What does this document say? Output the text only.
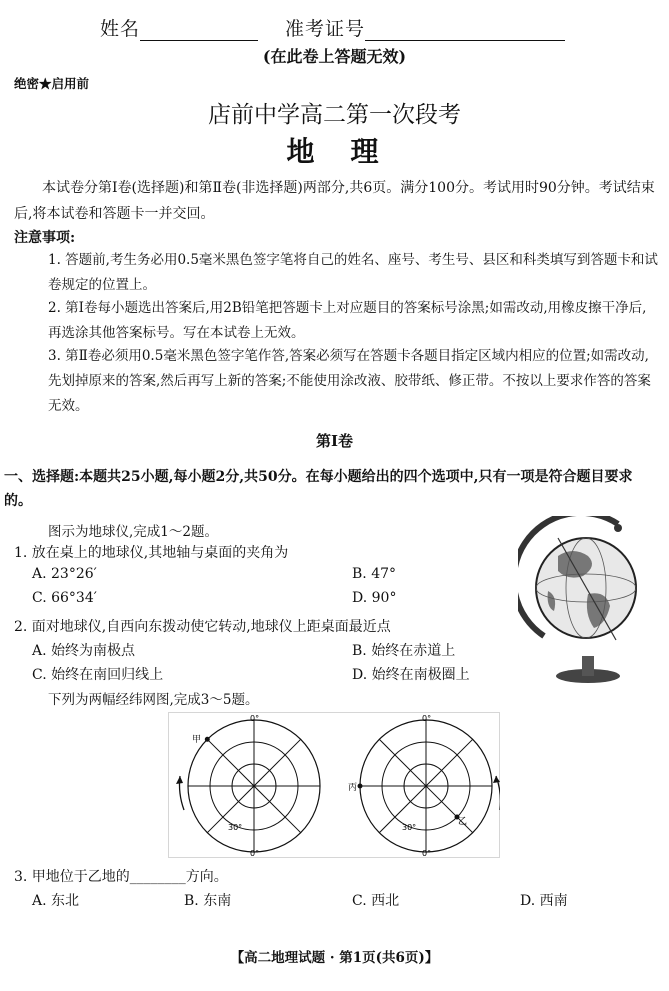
姓名	准考证号
(在此卷上答题无效)
绝密★启用前
店前中学高二第一次段考
地　理
本试卷分第Ⅰ卷(选择题)和第Ⅱ卷(非选择题)两部分,共6页。满分100分。考试用时90分钟。考试结束后,将本试卷和答题卡一并交回。
注意事项:
1. 答题前,考生务必用0.5毫米黑色签字笔将自己的姓名、座号、考生号、县区和科类填写到答题卡和试卷规定的位置上。
2. 第Ⅰ卷每小题选出答案后,用2B铅笔把答题卡上对应题目的答案标号涂黑;如需改动,用橡皮擦干净后,再选涂其他答案标号。写在本试卷上无效。
3. 第Ⅱ卷必须用0.5毫米黑色签字笔作答,答案必须写在答题卡各题目指定区域内相应的位置;如需改动,先划掉原来的答案,然后再写上新的答案;不能使用涂改液、胶带纸、修正带。不按以上要求作答的答案无效。
第Ⅰ卷
一、选择题:本题共25小题,每小题2分,共50分。在每小题给出的四个选项中,只有一项是符合题目要求的。
图示为地球仪,完成1～2题。
1. 放在桌上的地球仪,其地轴与桌面的夹角为
A. 23°26′	B. 47°
C. 66°34′	D. 90°
2. 面对地球仪,自西向东拨动使它转动,地球仪上距桌面最近点
A. 始终为南极点	B. 始终在赤道上
C. 始终在南回归线上	D. 始终在南极圈上
下列为两幅经纬网图,完成3～5题。
0°
甲
30°
0°
0°
丙
乙
30°
0°
3. 甲地位于乙地的________方向。
A. 东北	B. 东南	C. 西北	D. 西南
【高二地理试题 · 第1页(共6页)】
